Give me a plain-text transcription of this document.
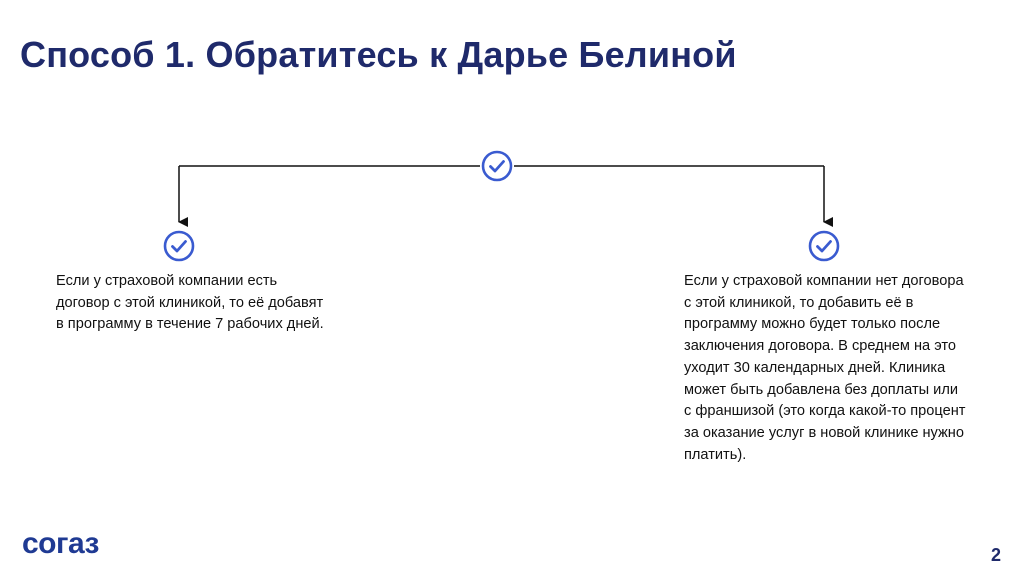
Способ 1. Обратитесь к Дарье Белиной
Если у страховой компании есть договор с этой клиникой, то её добавят в программу в течение 7 рабочих дней.
Если у страховой компании нет договора с этой клиникой, то добавить её в программу можно будет только после заключения договора. В среднем на это уходит 30 календарных дней. Клиника может быть добавлена без доплаты или с франшизой (это когда какой-то процент за оказание услуг в новой клинике нужно платить).
согаз	2
